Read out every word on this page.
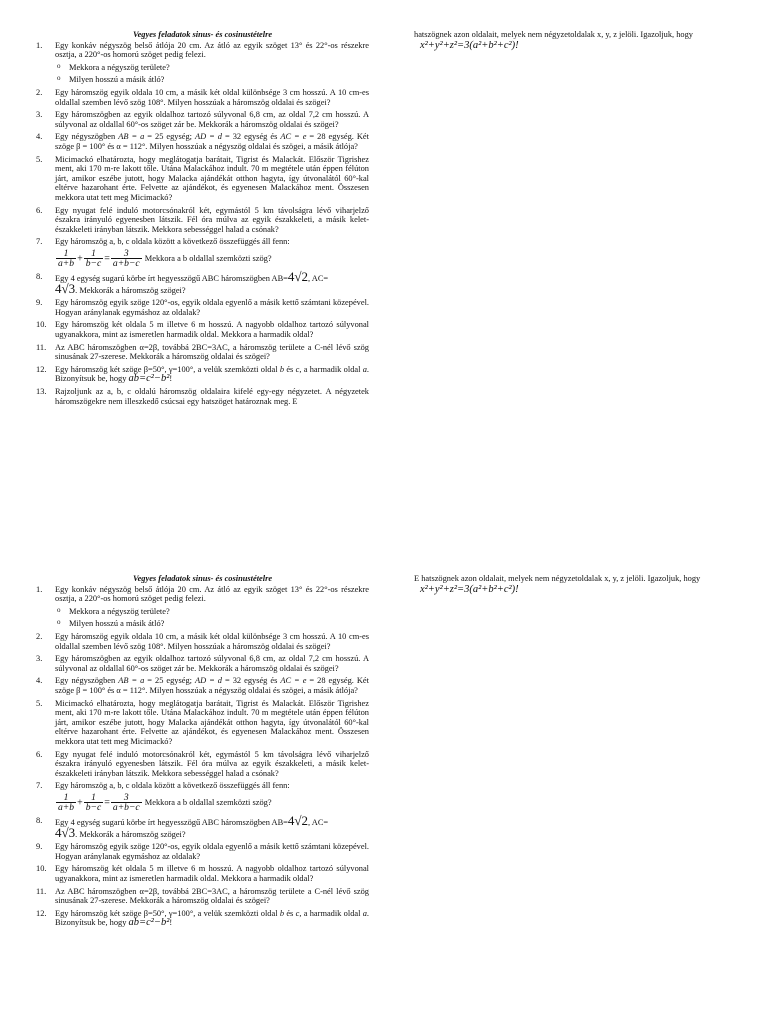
Vegyes feladatok sinus- és cosinustételre
1.	Egy konkáv négyszög belső átlója 20 cm. Az átló az egyik szöget 13° és 22°-os részekre osztja, a 220°-os homorú szöget pedig felezi.
o Mekkora a négyszög területe?
o Milyen hosszú a másik átló?
2.	Egy háromszög egyik oldala 10 cm, a másik két oldal különbsége 3 cm hosszú. A 10 cm-es oldallal szemben lévő szög 108°. Milyen hosszúak a háromszög oldalai és szögei?
3.	Egy háromszögben az egyik oldalhoz tartozó súlyvonal 6,8 cm, az oldal 7,2 cm hosszú. A súlyvonal az oldallal 60°-os szöget zár be. Mekkorák a háromszög oldalai és szögei?
4.	Egy négyszögben AB = a = 25 egység; AD = d = 32 egység és AC = e = 28 egység. Két szöge β = 100° és α = 112°. Milyen hosszúak a négyszög oldalai és szögei, a másik átlója?
5.	Micimackó elhatározta, hogy meglátogatja barátait, Tigrist és Malackát. Először Tigrishez ment, aki 170 m-re lakott tőle. Utána Malackához indult. 70 m megtétele után éppen félúton járt, amikor eszébe jutott, hogy Malacka ajándékát otthon hagyta, így útvonalától 60°-kal eltérve hazarohant érte. Felvette az ajándékot, és egyenesen Malackához ment. Összesen mekkora utat tett meg Micimackó?
6.	Egy nyugat felé induló motorcsónakról két, egymástól 5 km távolságra lévő viharjelző északra irányuló egyenesben látszik. Fél óra múlva az egyik északkeleti, a másik kelet- északkeleti irányban látszik. Mekkora sebességgel halad a csónak?
7.	Egy háromszög a, b, c oldala között a következő összefüggés áll fenn:
$\frac{1}{a+b} + \frac{1}{b-c} = \frac{3}{a+b-c}$ Mekkora a b oldallal szemközti szög?
8.	Egy 4 egység sugarú körbe írt hegyesszögű ABC háromszögben AB=4√2, AC=
4√3. Mekkorák a háromszög szögei?
9.	Egy háromszög egyik szöge 120°-os, egyik oldala egyenlő a másik kettő számtani közepével. Hogyan aránylanak egymáshoz az oldalak?
10.	Egy háromszög két oldala 5 m illetve 6 m hosszú. A nagyobb oldalhoz tartozó súlyvonal ugyanakkora, mint az ismeretlen harmadik oldal. Mekkora a harmadik oldal?
11.	Az ABC háromszögben α=2β, továbbá 2BC=3AC, a háromszög területe a C-nél lévő szög sinusának 27-szerese. Mekkorák a háromszög oldalai és szögei?
12.	Egy háromszög két szöge β=50°, γ=100°, a velük szemközti oldal b és c, a harmadik oldal a. Bizonyítsuk be, hogy ab=c²−b²!
13.	Rajzoljunk az a, b, c oldalú háromszög oldalaira kifelé egy-egy négyzetet. A négyzetek háromszögekre nem illeszkedő csúcsai egy hatszöget határoznak meg. E
hatszögnek azon oldalait, melyek nem négyzetoldalak x, y, z jelöli. Igazoljuk, hogy
x²+y²+z²=3(a²+b²+c²)!
Vegyes feladatok sinus- és cosinustételre
1.	Egy konkáv négyszög belső átlója 20 cm. Az átló az egyik szöget 13° és 22°-os részekre osztja, a 220°-os homorú szöget pedig felezi.
o Mekkora a négyszög területe?
o Milyen hosszú a másik átló?
2.	Egy háromszög egyik oldala 10 cm, a másik két oldal különbsége 3 cm hosszú. A 10 cm-es oldallal szemben lévő szög 108°. Milyen hosszúak a háromszög oldalai és szögei?
3.	Egy háromszögben az egyik oldalhoz tartozó súlyvonal 6,8 cm, az oldal 7,2 cm hosszú. A súlyvonal az oldallal 60°-os szöget zár be. Mekkorák a háromszög oldalai és szögei?
4.	Egy négyszögben AB = a = 25 egység; AD = d = 32 egység és AC = e = 28 egység. Két szöge β = 100° és α = 112°. Milyen hosszúak a négyszög oldalai és szögei, a másik átlója?
5.	Micimackó elhatározta, hogy meglátogatja barátait, Tigrist és Malackát. Először Tigrishez ment, aki 170 m-re lakott tőle. Utána Malackához indult. 70 m megtétele után éppen félúton járt, amikor eszébe jutott, hogy Malacka ajándékát otthon hagyta, így útvonalától 60°-kal eltérve hazarohant érte. Felvette az ajándékot, és egyenesen Malackához ment. Összesen mekkora utat tett meg Micimackó?
6.	Egy nyugat felé induló motorcsónakról két, egymástól 5 km távolságra lévő viharjelző északra irányuló egyenesben látszik. Fél óra múlva az egyik északkeleti, a másik kelet- északkeleti irányban látszik. Mekkora sebességgel halad a csónak?
7.	Egy háromszög a, b, c oldala között a következő összefüggés áll fenn:
$\frac{1}{a+b} + \frac{1}{b-c} = \frac{3}{a+b-c}$ Mekkora a b oldallal szemközti szög?
8.	Egy 4 egység sugarú körbe írt hegyesszögű ABC háromszögben AB=4√2, AC=
4√3. Mekkorák a háromszög szögei?
9.	Egy háromszög egyik szöge 120°-os, egyik oldala egyenlő a másik kettő számtani közepével. Hogyan aránylanak egymáshoz az oldalak?
10.	Egy háromszög két oldala 5 m illetve 6 m hosszú. A nagyobb oldalhoz tartozó súlyvonal ugyanakkora, mint az ismeretlen harmadik oldal. Mekkora a harmadik oldal?
11.	Az ABC háromszögben α=2β, továbbá 2BC=3AC, a háromszög területe a C-nél lévő szög sinusának 27-szerese. Mekkorák a háromszög oldalai és szögei?
12.	Egy háromszög két szöge β=50°, γ=100°, a velük szemközti oldal b és c, a harmadik oldal a. Bizonyítsuk be, hogy ab=c²−b²!
E hatszögnek azon oldalait, melyek nem négyzetoldalak x, y, z jelöli. Igazoljuk, hogy
x²+y²+z²=3(a²+b²+c²)!
